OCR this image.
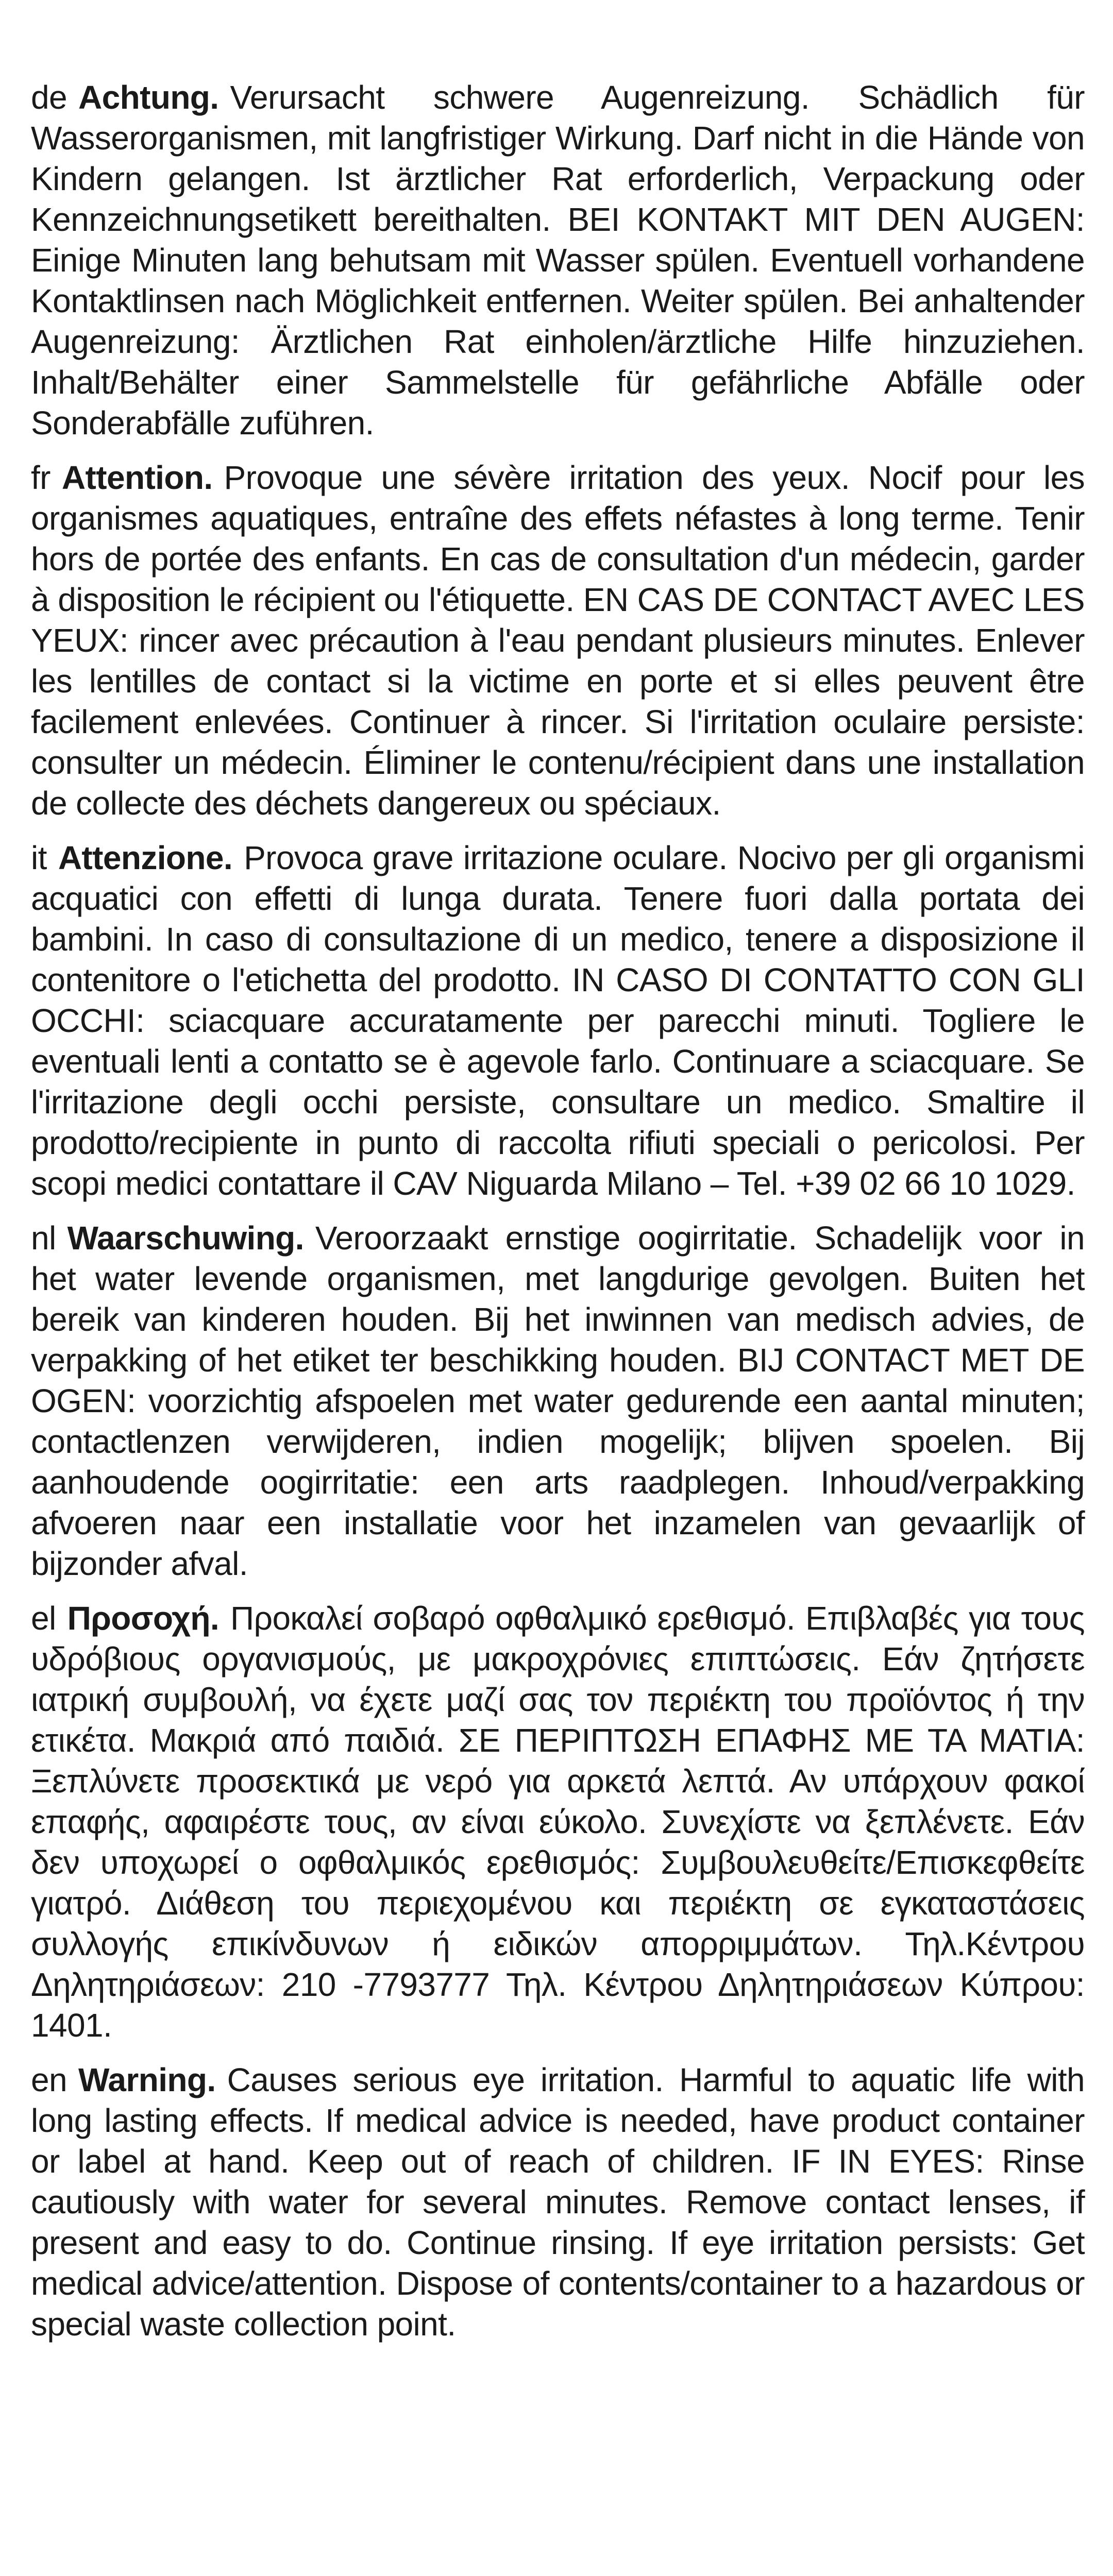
de Achtung. Verursacht schwere Augenreizung. Schädlich für Wasserorganismen, mit langfristiger Wirkung. Darf nicht in die Hände von Kindern gelangen. Ist ärztlicher Rat erforderlich, Verpackung oder Kennzeichnungsetikett bereithalten. BEI KONTAKT MIT DEN AUGEN: Einige Minuten lang behutsam mit Wasser spülen. Eventuell vorhandene Kontaktlinsen nach Möglichkeit entfernen. Weiter spülen. Bei anhaltender Augenreizung: Ärztlichen Rat einholen/ärztliche Hilfe hinzuziehen. Inhalt/Behälter einer Sammelstelle für gefährliche Abfälle oder Sonderabfälle zuführen.

fr Attention. Provoque une sévère irritation des yeux. Nocif pour les organismes aquatiques, entraîne des effets néfastes à long terme. Tenir hors de portée des enfants. En cas de consultation d'un médecin, garder à disposition le récipient ou l'étiquette. EN CAS DE CONTACT AVEC LES YEUX: rincer avec précaution à l'eau pendant plusieurs minutes. Enlever les lentilles de contact si la victime en porte et si elles peuvent être facilement enlevées. Continuer à rincer. Si l'irritation oculaire persiste: consulter un médecin. Éliminer le contenu/récipient dans une installation de collecte des déchets dangereux ou spéciaux.

it Attenzione. Provoca grave irritazione oculare. Nocivo per gli organismi acquatici con effetti di lunga durata. Tenere fuori dalla portata dei bambini. In caso di consultazione di un medico, tenere a disposizione il contenitore o l'etichetta del prodotto. IN CASO DI CONTATTO CON GLI OCCHI: sciacquare accuratamente per parecchi minuti. Togliere le eventuali lenti a contatto se è agevole farlo. Continuare a sciacquare. Se l'irritazione degli occhi persiste, consultare un medico. Smaltire il prodotto/recipiente in punto di raccolta rifiuti speciali o pericolosi. Per scopi medici contattare il CAV Niguarda Milano – Tel. +39 02 66 10 1029.

nl Waarschuwing. Veroorzaakt ernstige oogirritatie. Schadelijk voor in het water levende organismen, met langdurige gevolgen. Buiten het bereik van kinderen houden. Bij het inwinnen van medisch advies, de verpakking of het etiket ter beschikking houden. BIJ CONTACT MET DE OGEN: voorzichtig afspoelen met water gedurende een aantal minuten; contactlenzen verwijderen, indien mogelijk; blijven spoelen. Bij aanhoudende oogirritatie: een arts raadplegen. Inhoud/verpakking afvoeren naar een installatie voor het inzamelen van gevaarlijk of bijzonder afval.

el Προσοχή. Προκαλεί σοβαρό οφθαλμικό ερεθισμό. Επιβλαβές για τους υδρόβιους οργανισμούς, με μακροχρόνιες επιπτώσεις. Εάν ζητήσετε ιατρική συμβουλή, να έχετε μαζί σας τον περιέκτη του προϊόντος ή την ετικέτα. Μακριά από παιδιά. ΣΕ ΠΕΡΙΠΤΩΣΗ ΕΠΑΦΗΣ ΜΕ ΤΑ ΜΑΤΙΑ: Ξεπλύνετε προσεκτικά με νερό για αρκετά λεπτά. Αν υπάρχουν φακοί επαφής, αφαιρέστε τους, αν είναι εύκολο. Συνεχίστε να ξεπλένετε. Εάν δεν υποχωρεί ο οφθαλμικός ερεθισμός: Συμβουλευθείτε/Επισκεφθείτε γιατρό. Διάθεση του περιεχομένου και περιέκτη σε εγκαταστάσεις συλλογής επικίνδυνων ή ειδικών απορριμμάτων. Τηλ.Κέντρου Δηλητηριάσεων: 210 -7793777 Τηλ. Κέντρου Δηλητηριάσεων Κύπρου: 1401.

en Warning. Causes serious eye irritation. Harmful to aquatic life with long lasting effects. If medical advice is needed, have product container or label at hand. Keep out of reach of children. IF IN EYES: Rinse cautiously with water for several minutes. Remove contact lenses, if present and easy to do. Continue rinsing. If eye irritation persists: Get medical advice/attention. Dispose of contents/container to a hazardous or special waste collection point.
